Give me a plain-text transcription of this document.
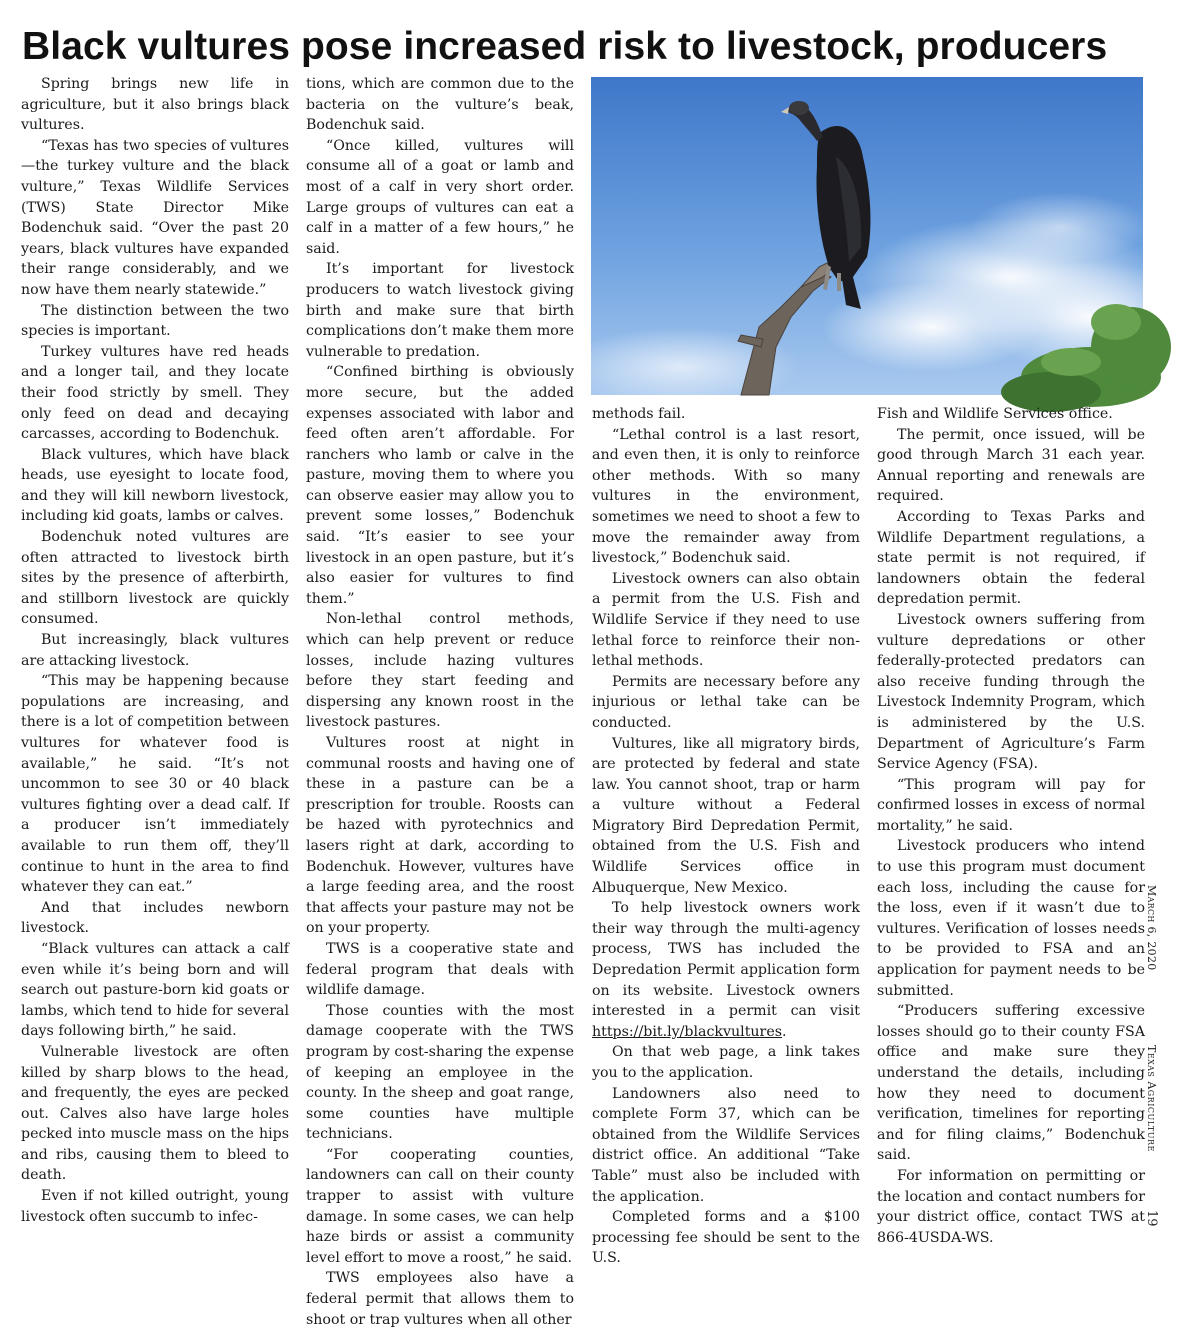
Black vultures pose increased risk to livestock, producers

Spring brings new life in agriculture, but it also brings black vultures.

“Texas has two species of vultures—the turkey vulture and the black vulture,” Texas Wildlife Services (TWS) State Director Mike Bodenchuk said. “Over the past 20 years, black vultures have expanded their range considerably, and we now have them nearly statewide.”

The distinction between the two species is important.

Turkey vultures have red heads and a longer tail, and they locate their food strictly by smell. They only feed on dead and decaying carcasses, according to Bodenchuk.

Black vultures, which have black heads, use eyesight to locate food, and they will kill newborn livestock, including kid goats, lambs or calves.

Bodenchuk noted vultures are often attracted to livestock birth sites by the presence of afterbirth, and stillborn livestock are quickly consumed.

But increasingly, black vultures are attacking livestock.

“This may be happening because populations are increasing, and there is a lot of competition between vultures for whatever food is available,” he said. “It’s not uncommon to see 30 or 40 black vultures fighting over a dead calf. If a producer isn’t immediately available to run them off, they’ll continue to hunt in the area to find whatever they can eat.”

And that includes newborn livestock.

“Black vultures can attack a calf even while it’s being born and will search out pasture-born kid goats or lambs, which tend to hide for several days following birth,” he said.

Vulnerable livestock are often killed by sharp blows to the head, and frequently, the eyes are pecked out. Calves also have large holes pecked into muscle mass on the hips and ribs, causing them to bleed to death.

Even if not killed outright, young livestock often succumb to infec-

tions, which are common due to the bacteria on the vulture’s beak, Bodenchuk said.

“Once killed, vultures will consume all of a goat or lamb and most of a calf in very short order. Large groups of vultures can eat a calf in a matter of a few hours,” he said.

It’s important for livestock producers to watch livestock giving birth and make sure that birth complications don’t make them more vulnerable to predation.

“Confined birthing is obviously more secure, but the added expenses associated with labor and feed often aren’t affordable. For ranchers who lamb or calve in the pasture, moving them to where you can observe easier may allow you to prevent some losses,” Bodenchuk said. “It’s easier to see your livestock in an open pasture, but it’s also easier for vultures to find them.”

Non-lethal control methods, which can help prevent or reduce losses, include hazing vultures before they start feeding and dispersing any known roost in the livestock pastures.

Vultures roost at night in communal roosts and having one of these in a pasture can be a prescription for trouble. Roosts can be hazed with pyrotechnics and lasers right at dark, according to Bodenchuk. However, vultures have a large feeding area, and the roost that affects your pasture may not be on your property.

TWS is a cooperative state and federal program that deals with wildlife damage.

Those counties with the most damage cooperate with the TWS program by cost-sharing the expense of keeping an employee in the county. In the sheep and goat range, some counties have multiple technicians.

“For cooperating counties, landowners can call on their county trapper to assist with vulture damage. In some cases, we can help haze birds or assist a community level effort to move a roost,” he said.

TWS employees also have a federal permit that allows them to shoot or trap vultures when all other

methods fail.

“Lethal control is a last resort, and even then, it is only to reinforce other methods. With so many vultures in the environment, sometimes we need to shoot a few to move the remainder away from livestock,” Bodenchuk said.

Livestock owners can also obtain a permit from the U.S. Fish and Wildlife Service if they need to use lethal force to reinforce their non-lethal methods.

Permits are necessary before any injurious or lethal take can be conducted.

Vultures, like all migratory birds, are protected by federal and state law. You cannot shoot, trap or harm a vulture without a Federal Migratory Bird Depredation Permit, obtained from the U.S. Fish and Wildlife Services office in Albuquerque, New Mexico.

To help livestock owners work their way through the multi-agency process, TWS has included the Depredation Permit application form on its website. Livestock owners interested in a permit can visit https://bit.ly/blackvultures.

On that web page, a link takes you to the application.

Landowners also need to complete Form 37, which can be obtained from the Wildlife Services district office. An additional “Take Table” must also be included with the application.

Completed forms and a $100 processing fee should be sent to the U.S.

Fish and Wildlife Services office.

The permit, once issued, will be good through March 31 each year. Annual reporting and renewals are required.

According to Texas Parks and Wildlife Department regulations, a state permit is not required, if landowners obtain the federal depredation permit.

Livestock owners suffering from vulture depredations or other federally-protected predators can also receive funding through the Livestock Indemnity Program, which is administered by the U.S. Department of Agriculture’s Farm Service Agency (FSA).

“This program will pay for confirmed losses in excess of normal mortality,” he said.

Livestock producers who intend to use this program must document each loss, including the cause for the loss, even if it wasn’t due to vultures. Verification of losses needs to be provided to FSA and an application for payment needs to be submitted.

“Producers suffering excessive losses should go to their county FSA office and make sure they understand the details, including how they need to document verification, timelines for reporting and for filing claims,” Bodenchuk said.

For information on permitting or the location and contact numbers for your district office, contact TWS at 866-4USDA-WS.

March 6, 2020
Texas Agriculture
19
